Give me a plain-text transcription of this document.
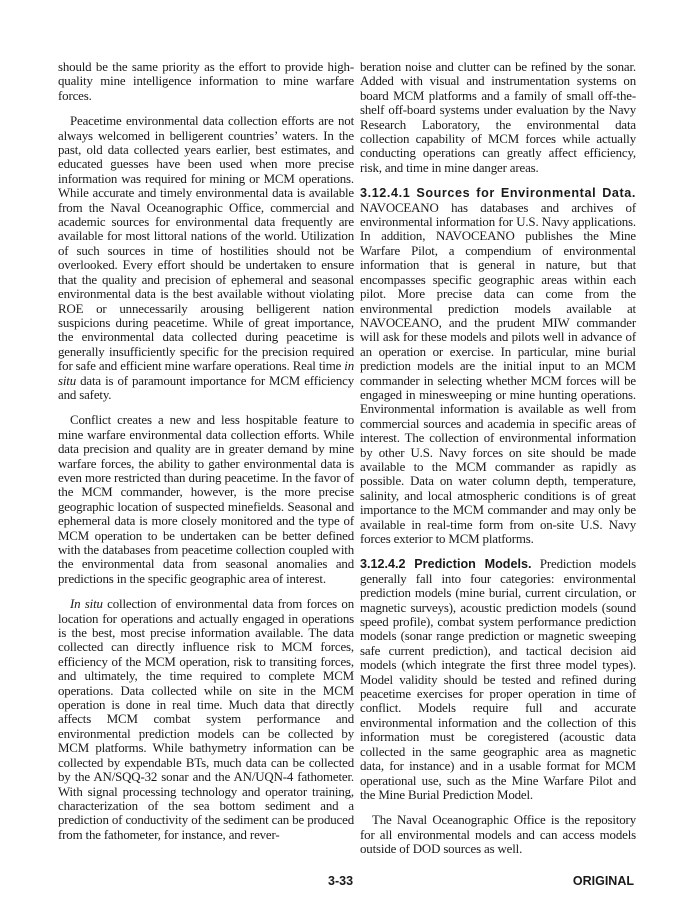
should be the same priority as the effort to provide high-quality mine intelligence information to mine warfare forces.

Peacetime environmental data collection efforts are not always welcomed in belligerent countries’ waters. In the past, old data collected years earlier, best estimates, and educated guesses have been used when more precise information was required for mining or MCM operations. While accurate and timely environmental data is available from the Naval Oceanographic Office, commercial and academic sources for environmental data frequently are available for most littoral nations of the world. Utilization of such sources in time of hostilities should not be overlooked. Every effort should be undertaken to ensure that the quality and precision of ephemeral and seasonal environmental data is the best available without violating ROE or unnecessarily arousing belligerent nation suspicions during peacetime. While of great importance, the environmental data collected during peacetime is generally insufficiently specific for the precision required for safe and efficient mine warfare operations. Real time in situ data is of paramount importance for MCM efficiency and safety.

Conflict creates a new and less hospitable feature to mine warfare environmental data collection efforts. While data precision and quality are in greater demand by mine warfare forces, the ability to gather environmental data is even more restricted than during peacetime. In the favor of the MCM commander, however, is the more precise geographic location of suspected minefields. Seasonal and ephemeral data is more closely monitored and the type of MCM operation to be undertaken can be better defined with the databases from peacetime collection coupled with the environmental data from seasonal anomalies and predictions in the specific geographic area of interest.

In situ collection of environmental data from forces on location for operations and actually engaged in operations is the best, most precise information available. The data collected can directly influence risk to MCM forces, efficiency of the MCM operation, risk to transiting forces, and ultimately, the time required to complete MCM operations. Data collected while on site in the MCM operation is done in real time. Much data that directly affects MCM combat system performance and environmental prediction models can be collected by MCM platforms. While bathymetry information can be collected by expendable BTs, much data can be collected by the AN/SQQ-32 sonar and the AN/UQN-4 fathometer. With signal processing technology and operator training, characterization of the sea bottom sediment and a prediction of conductivity of the sediment can be produced from the fathometer, for instance, and rever-

beration noise and clutter can be refined by the sonar. Added with visual and instrumentation systems on board MCM platforms and a family of small off-the-shelf off-board systems under evaluation by the Navy Research Laboratory, the environmental data collection capability of MCM forces while actually conducting operations can greatly affect efficiency, risk, and time in mine danger areas.

3.12.4.1 Sources for Environmental Data. NAVOCEANO has databases and archives of environmental information for U.S. Navy applications. In addition, NAVOCEANO publishes the Mine Warfare Pilot, a compendium of environmental information that is general in nature, but that encompasses specific geographic areas within each pilot. More precise data can come from the environmental prediction models available at NAVOCEANO, and the prudent MIW commander will ask for these models and pilots well in advance of an operation or exercise. In particular, mine burial prediction models are the initial input to an MCM commander in selecting whether MCM forces will be engaged in minesweeping or mine hunting operations. Environmental information is available as well from commercial sources and academia in specific areas of interest. The collection of environmental information by other U.S. Navy forces on site should be made available to the MCM commander as rapidly as possible. Data on water column depth, temperature, salinity, and local atmospheric conditions is of great importance to the MCM commander and may only be available in real-time form from on-site U.S. Navy forces exterior to MCM platforms.

3.12.4.2 Prediction Models. Prediction models generally fall into four categories: environmental prediction models (mine burial, current circulation, or magnetic surveys), acoustic prediction models (sound speed profile), combat system performance prediction models (sonar range prediction or magnetic sweeping safe current prediction), and tactical decision aid models (which integrate the first three model types). Model validity should be tested and refined during peacetime exercises for proper operation in time of conflict. Models require full and accurate environmental information and the collection of this information must be coregistered (acoustic data collected in the same geographic area as magnetic data, for instance) and in a usable format for MCM operational use, such as the Mine Warfare Pilot and the Mine Burial Prediction Model.

The Naval Oceanographic Office is the repository for all environmental models and can access models outside of DOD sources as well.

3-33	ORIGINAL
